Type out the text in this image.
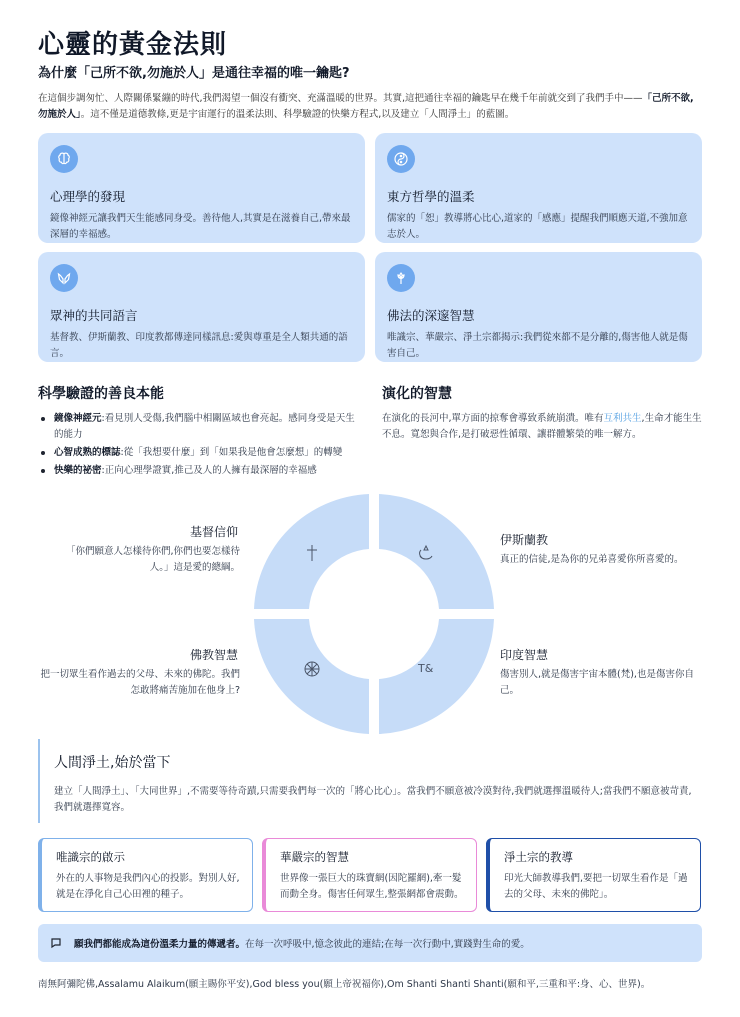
心靈的黃金法則
為什麼「己所不欲,勿施於人」是通往幸福的唯一鑰匙?

在這個步調匆忙、人際關係緊繃的時代,我們渴望一個沒有衝突、充滿溫暖的世界。其實,這把通往幸福的鑰匙早在幾千年前就交到了我們手中——「己所不欲,勿施於人」。這不僅是道德教條,更是宇宙運行的溫柔法則、科學驗證的快樂方程式,以及建立「人間淨土」的藍圖。

心理學的發現
鏡像神經元讓我們天生能感同身受。善待他人,其實是在滋養自己,帶來最深層的幸福感。
東方哲學的溫柔
儒家的「恕」教導將心比心,道家的「感應」提醒我們順應天道,不強加意志於人。
眾神的共同語言
基督教、伊斯蘭教、印度教都傳達同樣訊息:愛與尊重是全人類共通的語言。
佛法的深邃智慧
唯識宗、華嚴宗、淨土宗都揭示:我們從來都不是分離的,傷害他人就是傷害自己。
科學驗證的善良本能
鏡像神經元:看見別人受傷,我們腦中相關區域也會亮起。感同身受是天生的能力
心智成熟的標誌:從「我想要什麼」到「如果我是他會怎麼想」的轉變
快樂的祕密:正向心理學證實,推己及人的人擁有最深層的幸福感
演化的智慧

在演化的長河中,單方面的掠奪會導致系統崩潰。唯有互利共生,生命才能生生不息。寬恕與合作,是打破惡性循環、讓群體繁榮的唯一解方。

T&
基督信仰
「你們願意人怎樣待你們,你們也要怎樣待人。」這是愛的總綱。
伊斯蘭教
真正的信徒,是為你的兄弟喜愛你所喜愛的。
佛教智慧
把一切眾生看作過去的父母、未來的佛陀。我們怎敢將痛苦施加在他身上?
印度智慧
傷害別人,就是傷害宇宙本體(梵),也是傷害你自己。
人間淨土,始於當下
建立「人間淨土」、「大同世界」,不需要等待奇蹟,只需要我們每一次的「將心比心」。當我們不願意被冷漠對待,我們就選擇溫暖待人;當我們不願意被苛責,我們就選擇寬容。
唯識宗的啟示
外在的人事物是我們內心的投影。對別人好,就是在淨化自己心田裡的種子。
華嚴宗的智慧
世界像一張巨大的珠寶網(因陀羅網),牽一髮而動全身。傷害任何眾生,整張網都會震動。
淨土宗的教導
印光大師教導我們,要把一切眾生看作是「過去的父母、未來的佛陀」。
願我們都能成為這份溫柔力量的傳遞者。在每一次呼吸中,憶念彼此的連結;在每一次行動中,實踐對生命的愛。
南無阿彌陀佛,Assalamu Alaikum(願主賜你平安),God bless you(願上帝祝福你),Om Shanti Shanti Shanti(願和平,三重和平:身、心、世界)。
